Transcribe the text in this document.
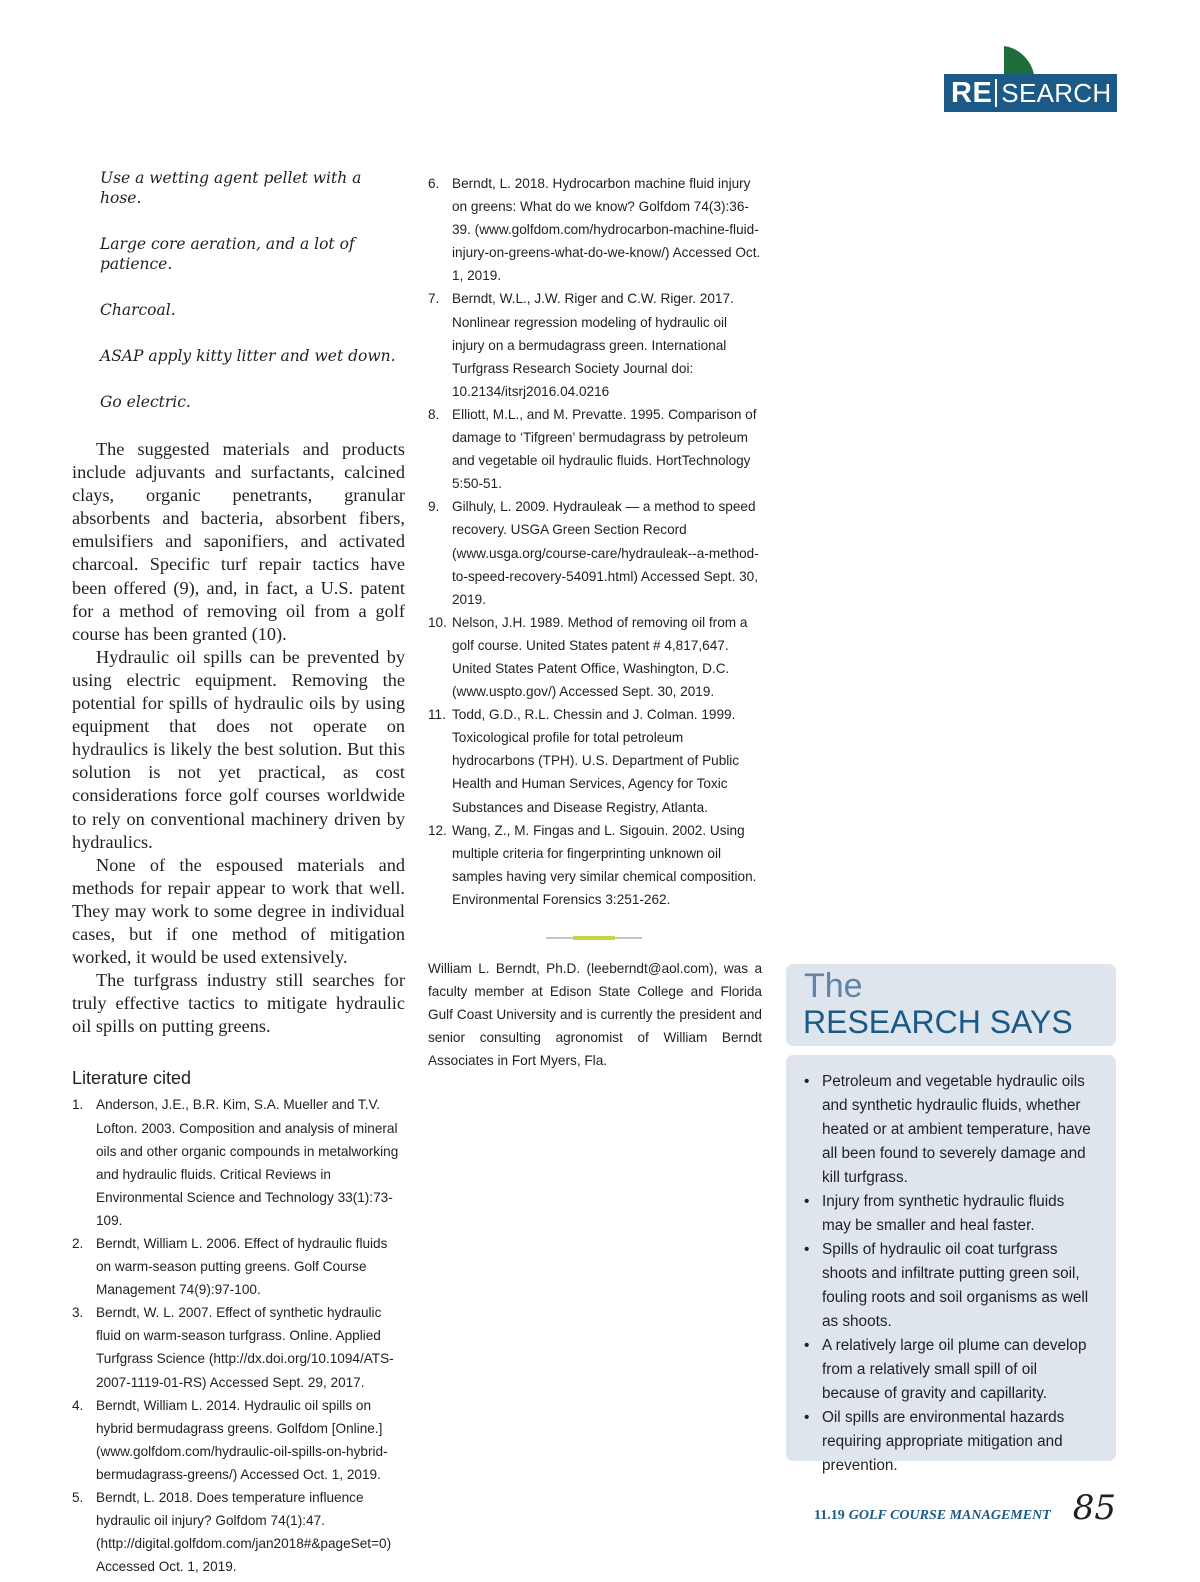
RE SEARCH
Use a wetting agent pellet with a hose.
Large core aeration, and a lot of patience.
Charcoal.
ASAP apply kitty litter and wet down.
Go electric.

The suggested materials and products include adjuvants and surfactants, calcined clays, organic penetrants, granular absorbents and bacteria, absorbent fibers, emulsifiers and saponifiers, and activated charcoal. Specific turf repair tactics have been offered (9), and, in fact, a U.S. patent for a method of removing oil from a golf course has been granted (10).

Hydraulic oil spills can be prevented by using electric equipment. Removing the potential for spills of hydraulic oils by using equipment that does not operate on hydraulics is likely the best solution. But this solution is not yet practical, as cost considerations force golf courses worldwide to rely on conventional machinery driven by hydraulics.

None of the espoused materials and methods for repair appear to work that well. They may work to some degree in individual cases, but if one method of mitigation worked, it would be used extensively.

The turfgrass industry still searches for truly effective tactics to mitigate hydraulic oil spills on putting greens.

Literature cited
1. Anderson, J.E., B.R. Kim, S.A. Mueller and T.V. Lofton. 2003. Composition and analysis of mineral oils and other organic compounds in metalworking and hydraulic fluids. Critical Reviews in Environmental Science and Technology 33(1):73-109.
2. Berndt, William L. 2006. Effect of hydraulic fluids on warm-season putting greens. Golf Course Management 74(9):97-100.
3. Berndt, W. L. 2007. Effect of synthetic hydraulic fluid on warm-season turfgrass. Online. Applied Turfgrass Science (http://dx.doi.org/10.1094/ATS-2007-1119-01-RS) Accessed Sept. 29, 2017.
4. Berndt, William L. 2014. Hydraulic oil spills on hybrid bermudagrass greens. Golfdom [Online.] (www.golfdom.com/hydraulic-oil-spills-on-hybrid-bermudagrass-greens/) Accessed Oct. 1, 2019.
5. Berndt, L. 2018. Does temperature influence hydraulic oil injury? Golfdom 74(1):47. (http://digital.golfdom.com/jan2018#&pageSet=0) Accessed Oct. 1, 2019.
6. Berndt, L. 2018. Hydrocarbon machine fluid injury on greens: What do we know? Golfdom 74(3):36-39. (www.golfdom.com/hydrocarbon-machine-fluid-injury-on-greens-what-do-we-know/) Accessed Oct. 1, 2019.
7. Berndt, W.L., J.W. Riger and C.W. Riger. 2017. Nonlinear regression modeling of hydraulic oil injury on a bermudagrass green. International Turfgrass Research Society Journal doi: 10.2134/itsrj2016.04.0216
8. Elliott, M.L., and M. Prevatte. 1995. Comparison of damage to ‘Tifgreen’ bermudagrass by petroleum and vegetable oil hydraulic fluids. HortTechnology 5:50-51.
9. Gilhuly, L. 2009. Hydrauleak — a method to speed recovery. USGA Green Section Record (www.usga.org/course-care/hydrauleak--a-method-to-speed-recovery-54091.html) Accessed Sept. 30, 2019.
10. Nelson, J.H. 1989. Method of removing oil from a golf course. United States patent # 4,817,647. United States Patent Office, Washington, D.C. (www.uspto.gov/) Accessed Sept. 30, 2019.
11. Todd, G.D., R.L. Chessin and J. Colman. 1999. Toxicological profile for total petroleum hydrocarbons (TPH). U.S. Department of Public Health and Human Services, Agency for Toxic Substances and Disease Registry, Atlanta.
12. Wang, Z., M. Fingas and L. Sigouin. 2002. Using multiple criteria for fingerprinting unknown oil samples having very similar chemical composition. Environmental Forensics 3:251-262.

William L. Berndt, Ph.D. (leeberndt@aol.com), was a faculty member at Edison State College and Florida Gulf Coast University and is currently the president and senior consulting agronomist of William Berndt Associates in Fort Myers, Fla.

The
RESEARCH SAYS
• Petroleum and vegetable hydraulic oils and synthetic hydraulic fluids, whether heated or at ambient temperature, have all been found to severely damage and kill turfgrass.
• Injury from synthetic hydraulic fluids may be smaller and heal faster.
• Spills of hydraulic oil coat turfgrass shoots and infiltrate putting green soil, fouling roots and soil organisms as well as shoots.
• A relatively large oil plume can develop from a relatively small spill of oil because of gravity and capillarity.
• Oil spills are environmental hazards requiring appropriate mitigation and prevention.
11.19 GOLF COURSE MANAGEMENT 85
